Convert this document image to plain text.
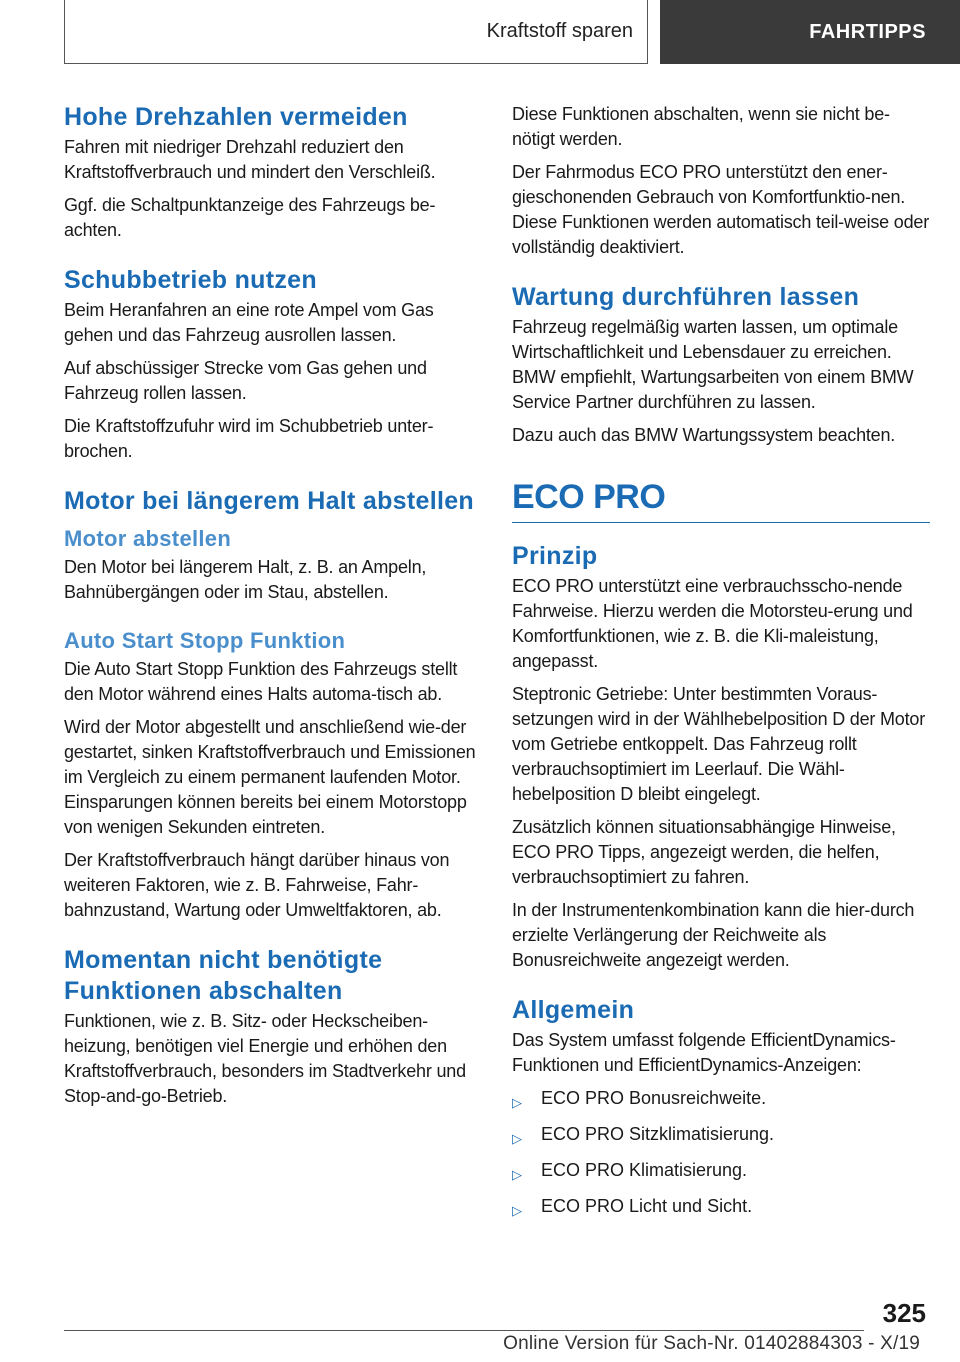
Kraftstoff sparen	FAHRTIPPS
Hohe Drehzahlen vermeiden

Fahren mit niedriger Drehzahl reduziert den Kraftstoffverbrauch und mindert den Verschleiß.

Ggf. die Schaltpunktanzeige des Fahrzeugs be-achten.

Schubbetrieb nutzen

Beim Heranfahren an eine rote Ampel vom Gas gehen und das Fahrzeug ausrollen lassen.

Auf abschüssiger Strecke vom Gas gehen und Fahrzeug rollen lassen.

Die Kraftstoffzufuhr wird im Schubbetrieb unter-brochen.

Motor bei längerem Halt abstellen
Motor abstellen

Den Motor bei längerem Halt, z. B. an Ampeln, Bahnübergängen oder im Stau, abstellen.

Auto Start Stopp Funktion

Die Auto Start Stopp Funktion des Fahrzeugs stellt den Motor während eines Halts automa-tisch ab.

Wird der Motor abgestellt und anschließend wie-der gestartet, sinken Kraftstoffverbrauch und Emissionen im Vergleich zu einem permanent laufenden Motor. Einsparungen können bereits bei einem Motorstopp von wenigen Sekunden eintreten.

Der Kraftstoffverbrauch hängt darüber hinaus von weiteren Faktoren, wie z. B. Fahrweise, Fahr-bahnzustand, Wartung oder Umweltfaktoren, ab.

Momentan nicht benötigte Funktionen abschalten

Funktionen, wie z. B. Sitz- oder Heckscheiben-heizung, benötigen viel Energie und erhöhen den Kraftstoffverbrauch, besonders im Stadtverkehr und Stop-and-go-Betrieb.

Diese Funktionen abschalten, wenn sie nicht be-nötigt werden.

Der Fahrmodus ECO PRO unterstützt den ener-gieschonenden Gebrauch von Komfortfunktio-nen. Diese Funktionen werden automatisch teil-weise oder vollständig deaktiviert.

Wartung durchführen lassen

Fahrzeug regelmäßig warten lassen, um optimale Wirtschaftlichkeit und Lebensdauer zu erreichen. BMW empfiehlt, Wartungsarbeiten von einem BMW Service Partner durchführen zu lassen.

Dazu auch das BMW Wartungssystem beachten.

ECO PRO
Prinzip

ECO PRO unterstützt eine verbrauchsscho-nende Fahrweise. Hierzu werden die Motorsteu-erung und Komfortfunktionen, wie z. B. die Kli-maleistung, angepasst.

Steptronic Getriebe: Unter bestimmten Voraus-setzungen wird in der Wählhebelposition D der Motor vom Getriebe entkoppelt. Das Fahrzeug rollt verbrauchsoptimiert im Leerlauf. Die Wähl-hebelposition D bleibt eingelegt.

Zusätzlich können situationsabhängige Hinweise, ECO PRO Tipps, angezeigt werden, die helfen, verbrauchsoptimiert zu fahren.

In der Instrumentenkombination kann die hier-durch erzielte Verlängerung der Reichweite als Bonusreichweite angezeigt werden.

Allgemein

Das System umfasst folgende EfficientDynamics-Funktionen und EfficientDynamics-Anzeigen:

▷	ECO PRO Bonusreichweite.
▷	ECO PRO Sitzklimatisierung.
▷	ECO PRO Klimatisierung.
▷	ECO PRO Licht und Sicht.
325
Online Version für Sach-Nr. 01402884303 - X/19
